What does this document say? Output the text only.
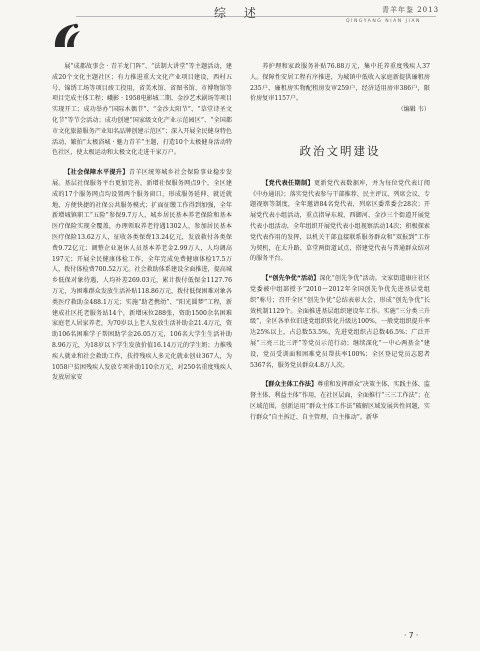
综 述	青羊年鉴 2013
QINGYANG NIAN JIAN

展“成都故事会 · 青羊龙门阵”、“法制大讲堂”等主题活动，建成20个文化主题社区；有力推进重大文化产业项目建设，西村五号、锦绣工场等项目竣工投用，省美术馆、省图书馆、市博物馆等项目完成主体工程；峨影 · 1958电影城二期、金沙艺术剧场等项目实现开工；成功举办“国际木偶节”、“金沙太阳节”、“草堂诗圣文化节”等节会活动；成功创建“国家级文化产业示范园区”、“全国都市文化旅游服务产业知名品牌创建示范区”；深入开展全民健身特色活动，繁拍“太极浴城 · 魅力青羊”主题，打造10个太极健身活动特色社区，使太极运动和太极文化走进千家万户。

【社会保障水平提升】青羊区统筹城乡社会保险事业稳步发展。基层社保服务平台更加完善，新增社保服务网点9个，全区建成的17个服务网点均设置两个服务窗口，形成服务延伸、就近就地、方便快捷的社保公共服务模式；扩面征缴工作得到加强，全年新增城镇职工“五险”参保9.7万人，城乡居民基本养老保险和基本医疗保险实现全覆盖，办理领取养老待遇1302人，参加居民基本医疗保险13.62万人，征收各类保费13.24亿元，发放救付各类保费9.72亿元；调整企业退休人员基本养老金2.99万人，人均调高197元；开展全民健康体检工作，全年完成免费健康体检17.5万人，拨付体检费700.52万元。社会救助体系建设全面推进，提高城乡低保对象待遇，人均补差269.03元，累计拨付低保金1127.76万元，为困难群众发放生活补贴118.86万元，拨付低保困难对象各类医疗救助金488.1万元；实施“助老携幼”、“阳光圆梦”工程，新建成社区托老服务站14个，新增床位288张，资助1500余名困难家庭老人居家养老，为70岁以上老人发放生活补助金21.4万元，资助106名困难学子帮困助学金26.05万元，106名大学生生活补助8.96万元，为18岁以下学生发放价值16.14万元的学生奶；力推残疾人就业和社会救助工作，扶持残疾人多元化就业创业367人，为1058户贫困残疾人发放专项补助110余万元，对250名重度残疾人发放居家安

养护理和家政服务补贴76.88万元，集中托养重度残疾人37人。保障性安居工程有序推进，为城镇中低收入家庭新提供廉租房235户、廉租房实物配租房发审259户，经济适用房审386户，限价房复审1157户。

（编辑 韦）
政治文明建设

【党代表任期制】更新党代表数据库，并为每位党代表订阅《中办通讯》；落实党代表参与干部推荐、民主评议、列席会议、专题视察等制度，全年邀请84名党代表，列席区委常委会28次；开展党代表小组活动，重点指导东坡、西御河、金沙三个街道开展党代表小组活动，全年组织开展党代表小组视察活动14次；积极探索党代表作用的发挥，以机关干部直接联系服务群众和“双报到”工作为契机，在太升路、草堂两街道试点，搭建党代表与普通群众结对的服务平台。

【“创先争优”活动】深化“创先争优”活动。文家街道康庄社区党委被中组部授予“2010～2012年全国创先争优先进基层党组织”称号；召开全区“创先争优”总结表彰大会，形成“创先争优”长效机制1129个。全面推进基层组织建设年工作。实施“三分类三升级”，全区各单位旧进党组织转化升级达100%，一般党组织提升率达25%以上，占总数53.5%，先进党组织占总数46.5%；广泛开展“三亮三比三评”等党员示范行动；继续深化“一中心两基金”建设，党员受训面和困难党员帮扶率100%；全区登记党员志愿者5367名，服务党员群众4.8万人次。

【群众主体工作法】尊重和发挥群众“决策主体、实践主体、监督主体、利益主体”作用，在社区层面，全面推行“三三工作法”；在区域范围，创新运用“群众主体工作法”破解区域发展共性问题，实行群众“自主拆迁、自主管理、自主推动”。新华

· 7 ·
